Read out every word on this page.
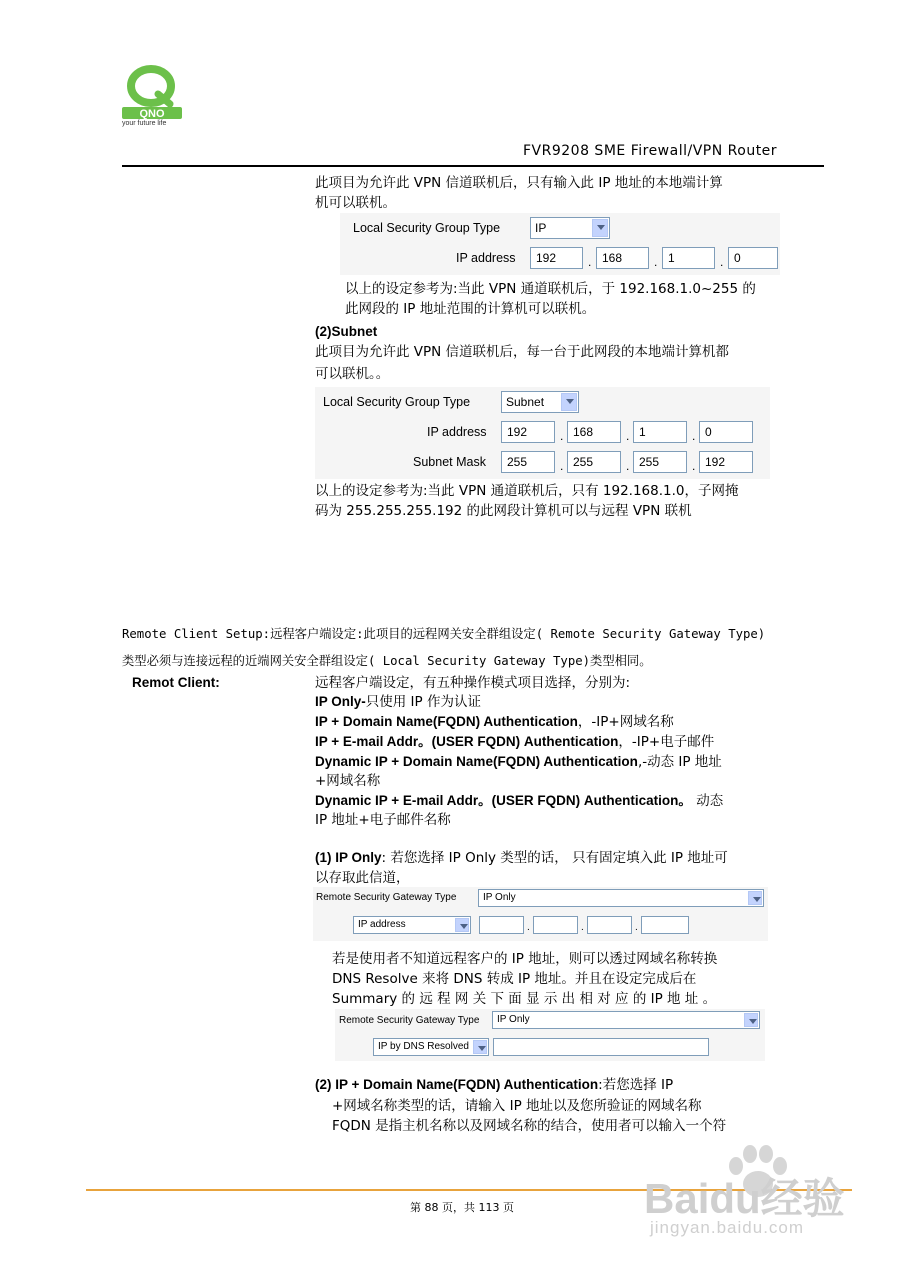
QNO
your future life
FVR9208 SME Firewall/VPN Router
此项目为允许此 VPN 信道联机后，只有输入此 IP 地址的本地端计算
机可以联机。
Local Security Group Type	IP
IP address	192	. 168	. 1	. 0
以上的设定参考为:当此 VPN 通道联机后，于 192.168.1.0~255 的
此网段的 IP 地址范围的计算机可以联机。
(2)Subnet
此项目为允许此 VPN 信道联机后，每一台于此网段的本地端计算机都
可以联机。。
Local Security Group Type	Subnet
IP address	192	. 168	. 1	. 0
Subnet Mask	255	. 255	. 255	. 192
以上的设定参考为:当此 VPN 通道联机后，只有 192.168.1.0，子网掩
码为 255.255.255.192 的此网段计算机可以与远程 VPN 联机
Remote Client Setup:远程客户端设定:此项目的远程网关安全群组设定( Remote Security Gateway Type)
类型必须与连接远程的近端网关安全群组设定( Local Security Gateway Type)类型相同。
Remot Client:	远程客户端设定，有五种操作模式项目选择，分别为:
IP Only-只使用 IP 作为认证
IP + Domain Name(FQDN) Authentication，-IP+网域名称
IP + E-mail Addr。(USER FQDN) Authentication，-IP+电子邮件
Dynamic IP + Domain Name(FQDN) Authentication,-动态 IP 地址
+网域名称
Dynamic IP + E-mail Addr。(USER FQDN) Authentication。 动态
IP 地址+电子邮件名称
(1) IP Only: 若您选择 IP Only 类型的话， 只有固定填入此 IP 地址可
以存取此信道，
Remote Security Gateway Type	IP Only
IP address	.	.	.
若是使用者不知道远程客户的 IP 地址，则可以透过网域名称转换
DNS Resolve 来将 DNS 转成 IP 地址。并且在设定完成后在
Summary 的 远 程 网 关 下 面 显 示 出 相 对 应 的 IP 地 址 。
Remote Security Gateway Type	IP Only
IP by DNS Resolved
(2) IP + Domain Name(FQDN) Authentication:若您选择 IP
+网域名称类型的话，请输入 IP 地址以及您所验证的网域名称
FQDN 是指主机名称以及网域名称的结合，使用者可以输入一个符
第 88 页，共 113 页	Baidu经验
jingyan.baidu.com
